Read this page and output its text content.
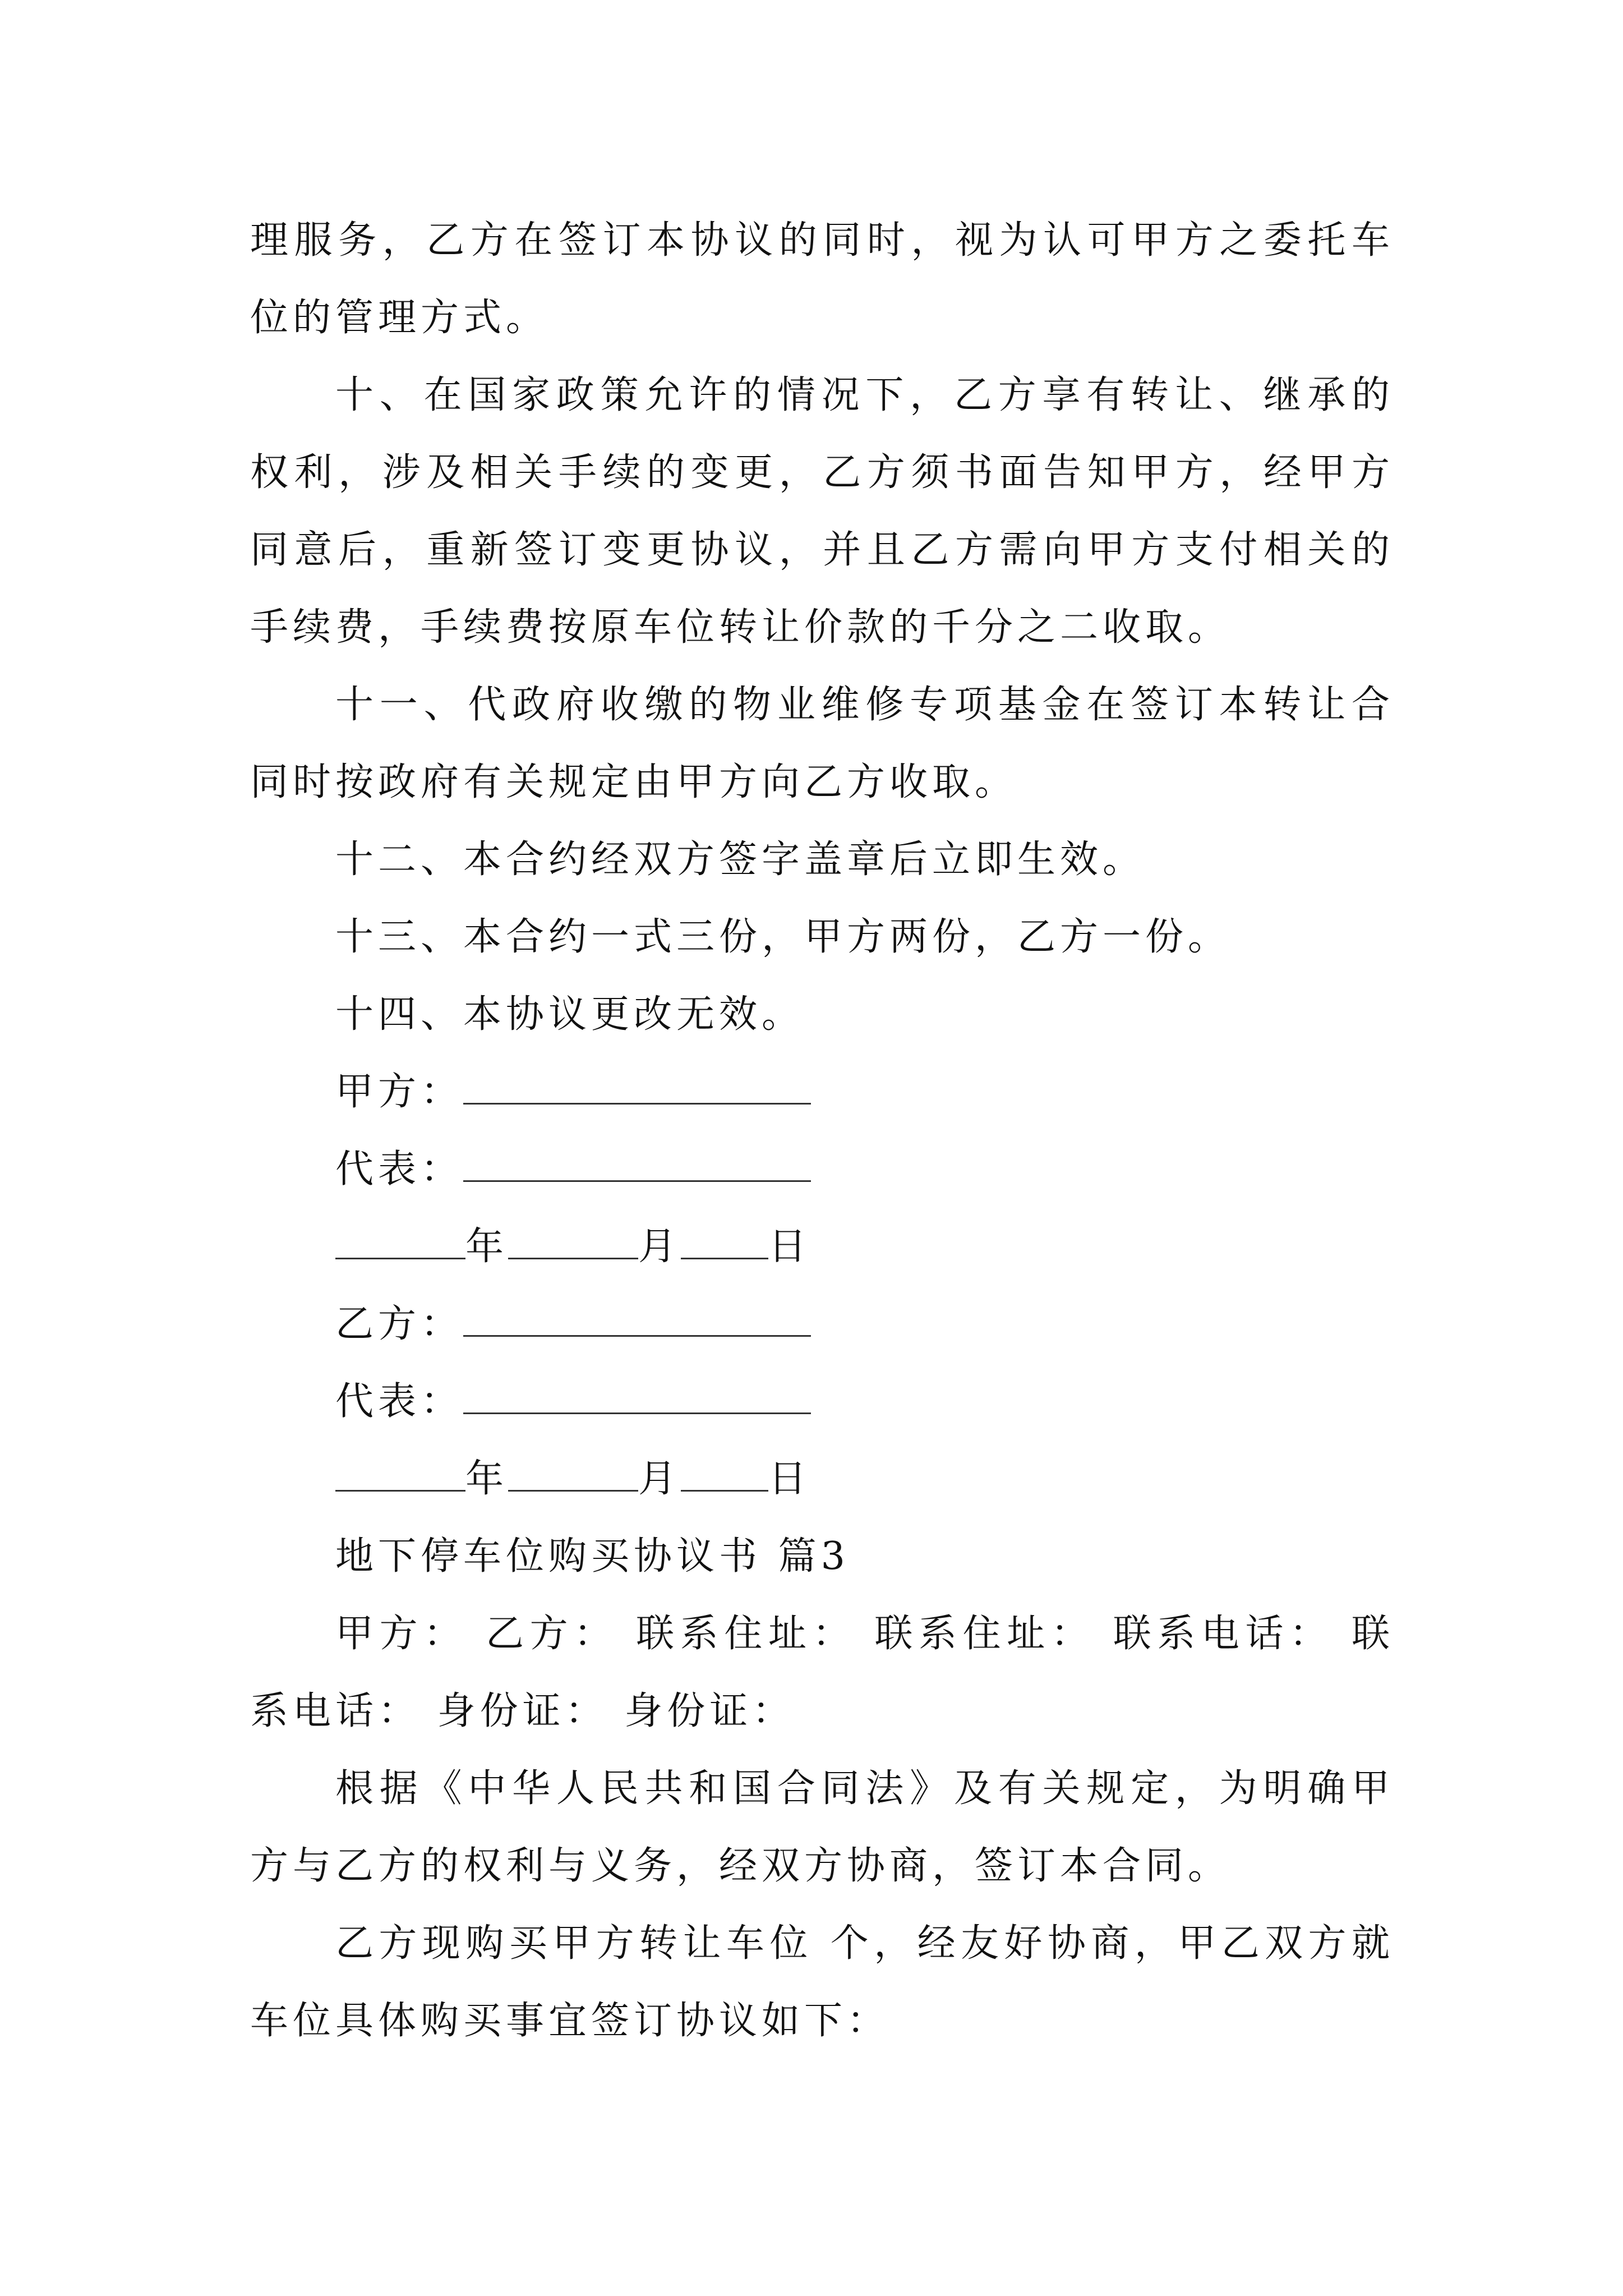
理服务，乙方在签订本协议的同时，视为认可甲方之委托车位的管理方式。

十、在国家政策允许的情况下，乙方享有转让、继承的权利，涉及相关手续的变更，乙方须书面告知甲方，经甲方同意后，重新签订变更协议，并且乙方需向甲方支付相关的手续费，手续费按原车位转让价款的千分之二收取。

十一、代政府收缴的物业维修专项基金在签订本转让合同时按政府有关规定由甲方向乙方收取。

十二、本合约经双方签字盖章后立即生效。

十三、本合约一式三份，甲方两份，乙方一份。

十四、本协议更改无效。

甲方：
代表：
年	月 日
乙方：
代表：
年	月 日
地下停车位购买协议书 篇3

甲方： 乙方： 联系住址： 联系住址： 联系电话： 联系电话： 身份证： 身份证：

根据《中华人民共和国合同法》及有关规定，为明确甲方与乙方的权利与义务，经双方协商，签订本合同。

乙方现购买甲方转让车位 个，经友好协商，甲乙双方就车位具体购买事宜签订协议如下：
